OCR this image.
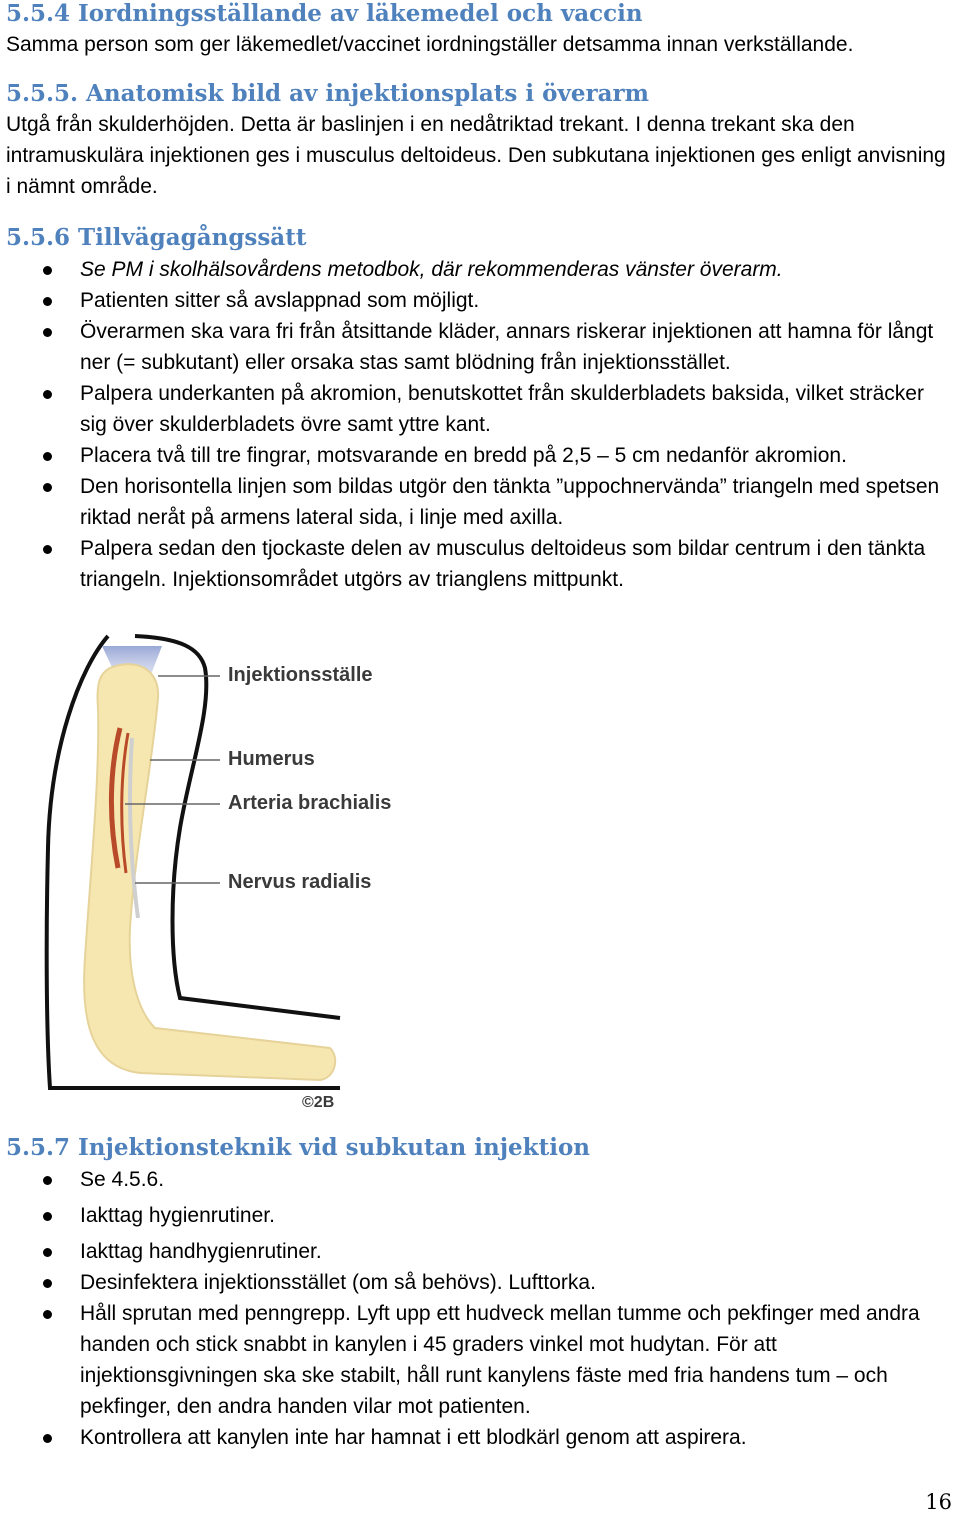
5.5.4 Iordningsställande av läkemedel och vaccin

Samma person som ger läkemedlet/vaccinet iordningställer detsamma innan verkställande.

5.5.5. Anatomisk bild av injektionsplats i överarm

Utgå från skulderhöjden. Detta är baslinjen i en nedåtriktad trekant. I denna trekant ska den intramuskulära injektionen ges i musculus deltoideus. Den subkutana injektionen ges enligt anvisning i nämnt område.

5.5.6 Tillvägagångssätt
Se PM i skolhälsovårdens metodbok, där rekommenderas vänster överarm.
Patienten sitter så avslappnad som möjligt.
Överarmen ska vara fri från åtsittande kläder, annars riskerar injektionen att hamna för långt ner (= subkutant) eller orsaka stas samt blödning från injektionsstället.
Palpera underkanten på akromion, benutskottet från skulderbladets baksida, vilket sträcker sig över skulderbladets övre samt yttre kant.
Placera två till tre fingrar, motsvarande en bredd på 2,5 – 5 cm nedanför akromion.
Den horisontella linjen som bildas utgör den tänkta ”uppochnervända” triangeln med spetsen riktad neråt på armens lateral sida, i linje med axilla.
Palpera sedan den tjockaste delen av musculus deltoideus som bildar centrum i den tänkta triangeln. Injektionsområdet utgörs av trianglens mittpunkt.
Injektionsställe
Humerus
Arteria brachialis
Nervus radialis
©2B
5.5.7 Injektionsteknik vid subkutan injektion
Se 4.5.6.
Iakttag hygienrutiner.
Iakttag handhygienrutiner.
Desinfektera injektionsstället (om så behövs). Lufttorka.
Håll sprutan med penngrepp. Lyft upp ett hudveck mellan tumme och pekfinger med andra handen och stick snabbt in kanylen i 45 graders vinkel mot hudytan. För att injektionsgivningen ska ske stabilt, håll runt kanylens fäste med fria handens tum – och pekfinger, den andra handen vilar mot patienten.
Kontrollera att kanylen inte har hamnat i ett blodkärl genom att aspirera.
16
